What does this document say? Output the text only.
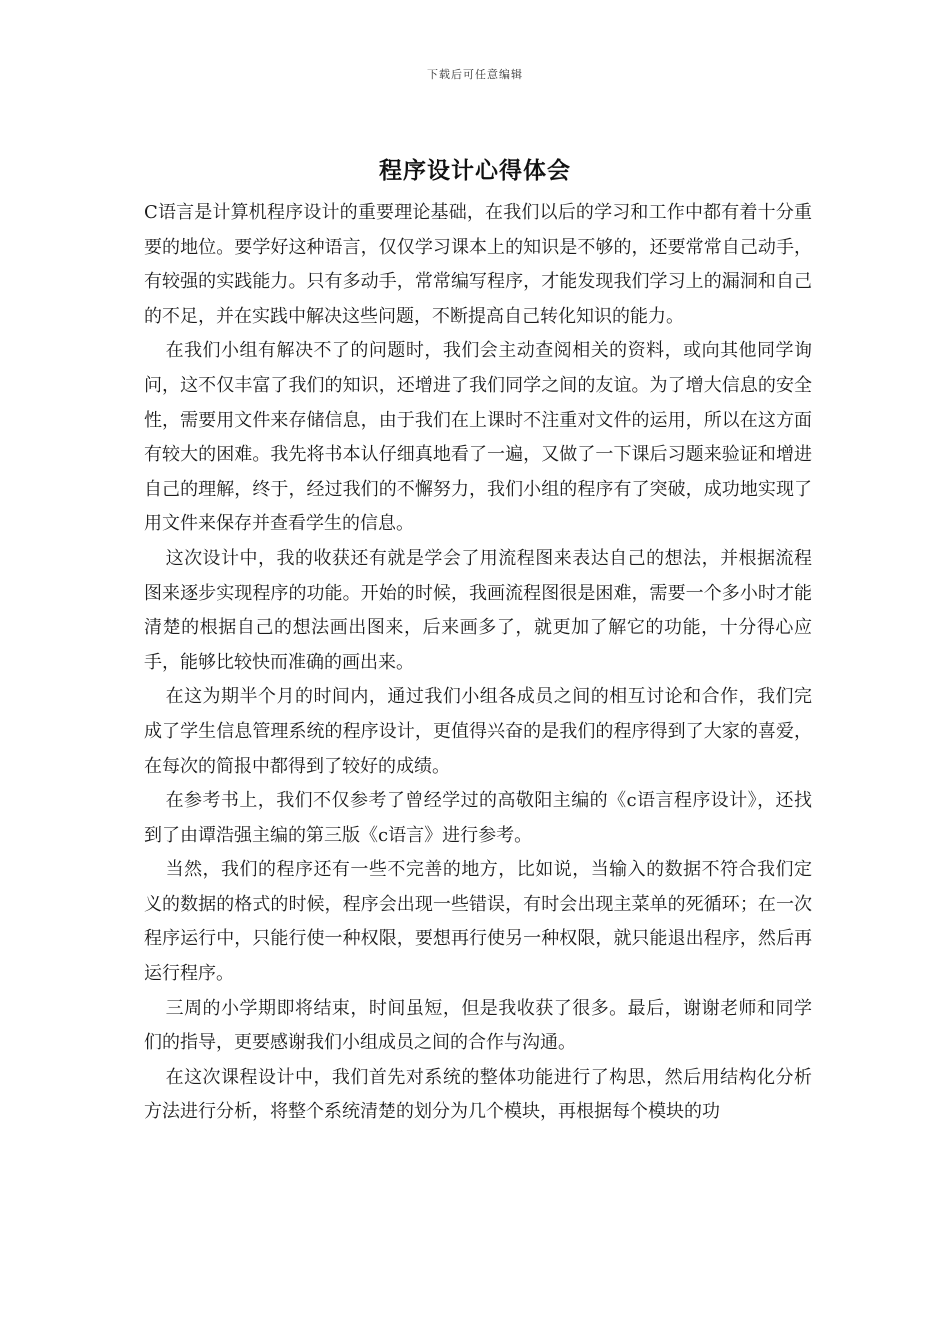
下载后可任意编辑
程序设计心得体会

C语言是计算机程序设计的重要理论基础，在我们以后的学习和工作中都有着十分重要的地位。要学好这种语言，仅仅学习课本上的知识是不够的，还要常常自己动手，有较强的实践能力。只有多动手，常常编写程序，才能发现我们学习上的漏洞和自己的不足，并在实践中解决这些问题，不断提高自己转化知识的能力。

在我们小组有解决不了的问题时，我们会主动查阅相关的资料，或向其他同学询问，这不仅丰富了我们的知识，还增进了我们同学之间的友谊。为了增大信息的安全性，需要用文件来存储信息，由于我们在上课时不注重对文件的运用，所以在这方面有较大的困难。我先将书本认仔细真地看了一遍，又做了一下课后习题来验证和增进自己的理解，终于，经过我们的不懈努力，我们小组的程序有了突破，成功地实现了用文件来保存并查看学生的信息。

这次设计中，我的收获还有就是学会了用流程图来表达自己的想法，并根据流程图来逐步实现程序的功能。开始的时候，我画流程图很是困难，需要一个多小时才能清楚的根据自己的想法画出图来，后来画多了，就更加了解它的功能，十分得心应手，能够比较快而准确的画出来。

在这为期半个月的时间内，通过我们小组各成员之间的相互讨论和合作，我们完成了学生信息管理系统的程序设计，更值得兴奋的是我们的程序得到了大家的喜爱，在每次的简报中都得到了较好的成绩。

在参考书上，我们不仅参考了曾经学过的高敬阳主编的《c语言程序设计》，还找到了由谭浩强主编的第三版《c语言》进行参考。

当然，我们的程序还有一些不完善的地方，比如说，当输入的数据不符合我们定义的数据的格式的时候，程序会出现一些错误，有时会出现主菜单的死循环；在一次程序运行中，只能行使一种权限，要想再行使另一种权限，就只能退出程序，然后再运行程序。

三周的小学期即将结束，时间虽短，但是我收获了很多。最后，谢谢老师和同学们的指导，更要感谢我们小组成员之间的合作与沟通。

在这次课程设计中，我们首先对系统的整体功能进行了构思，然后用结构化分析方法进行分析，将整个系统清楚的划分为几个模块，再根据每个模块的功
